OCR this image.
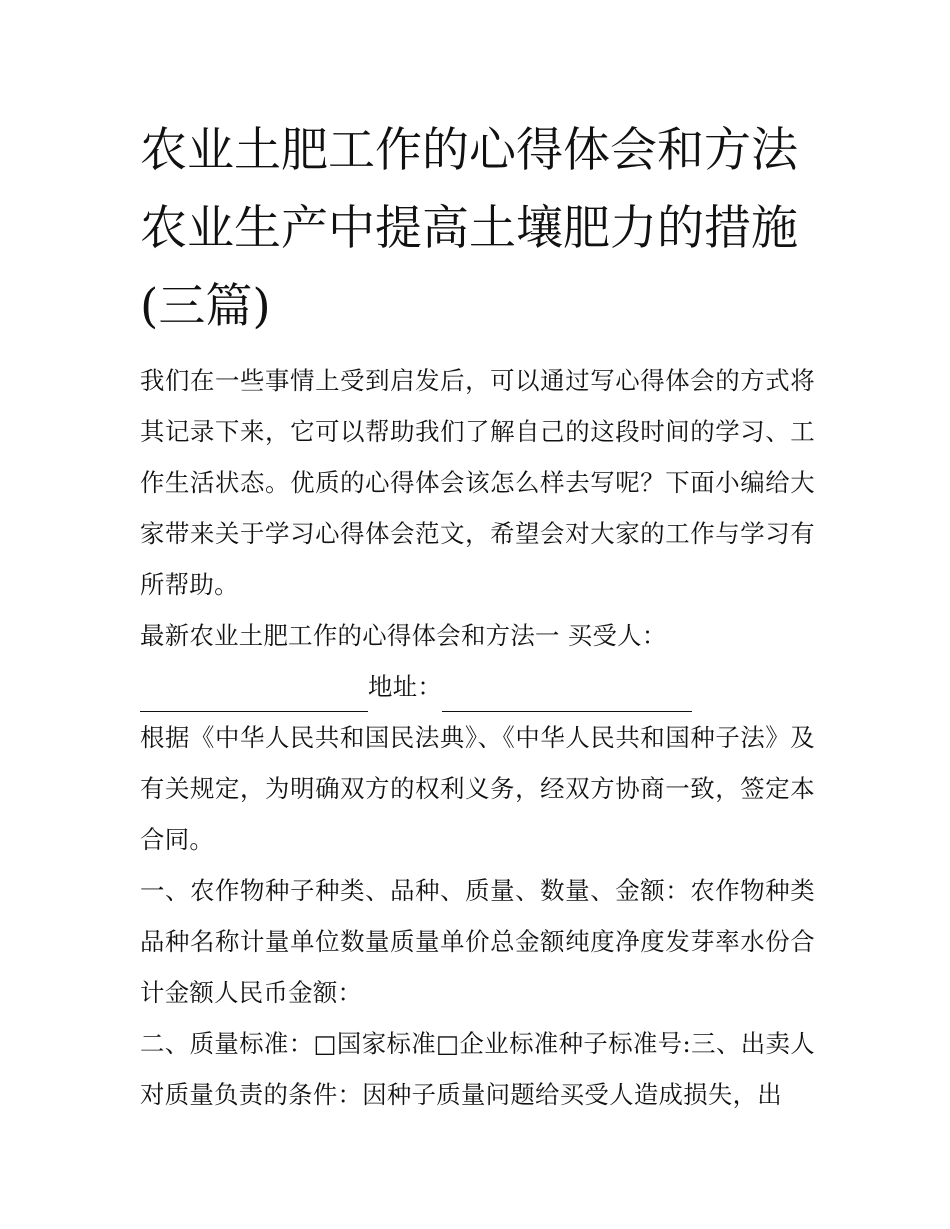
农业土肥工作的心得体会和方法 农业生产中提高土壤肥力的措施(三篇)

我们在一些事情上受到启发后，可以通过写心得体会的方式将其记录下来，它可以帮助我们了解自己的这段时间的学习、工作生活状态。优质的心得体会该怎么样去写呢？下面小编给大家带来关于学习心得体会范文，希望会对大家的工作与学习有所帮助。

最新农业土肥工作的心得体会和方法一 买受人：

地址：

根据《中华人民共和国民法典》、《中华人民共和国种子法》及有关规定，为明确双方的权利义务，经双方协商一致，签定本合同。

一、农作物种子种类、品种、质量、数量、金额：农作物种类品种名称计量单位数量质量单价总金额纯度净度发芽率水份合计金额人民币金额：

二、质量标准：□国家标准□企业标准种子标准号:三、出卖人对质量负责的条件：因种子质量问题给买受人造成损失，出
